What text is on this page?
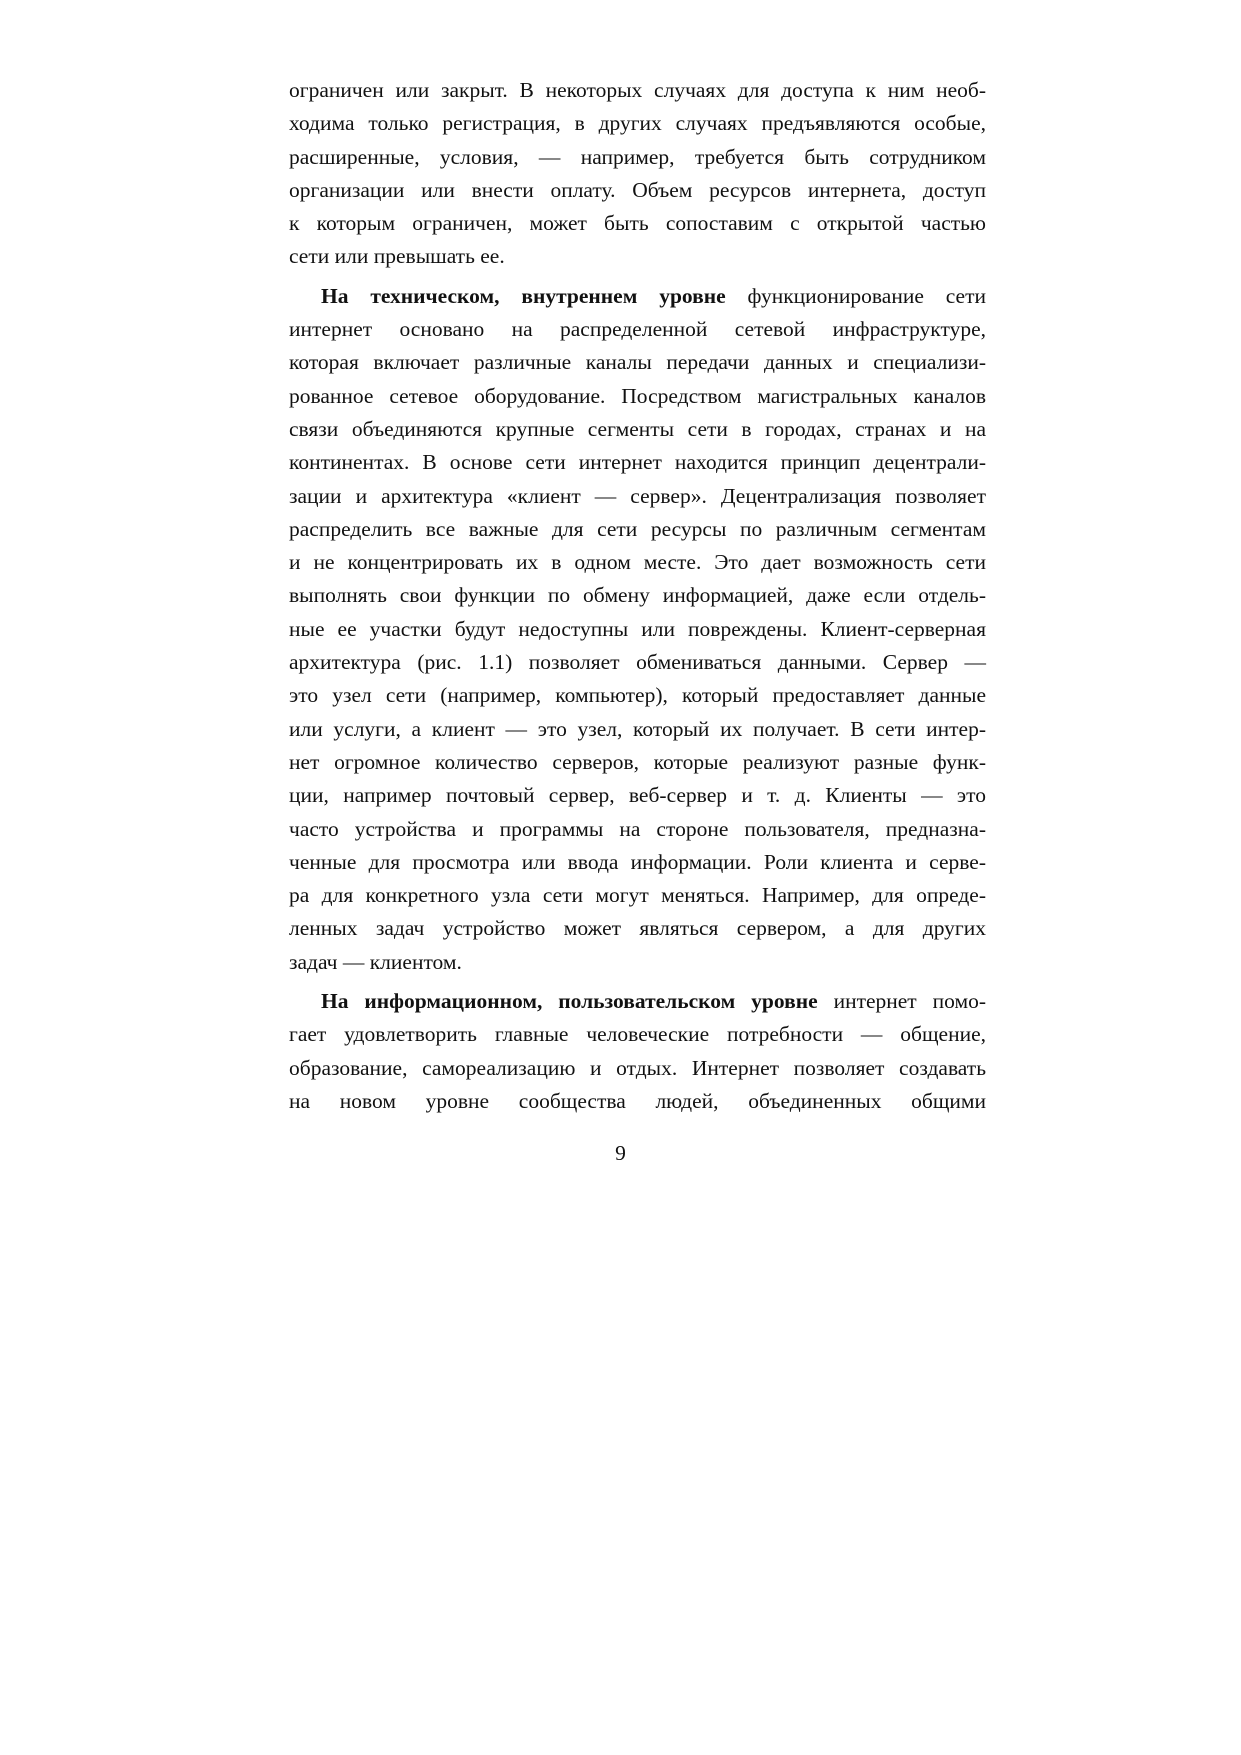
ограничен или закрыт. В некоторых случаях для доступа к ним необ-
ходима только регистрация, в других случаях предъявляются особые,
расширенные, условия, — например, требуется быть сотрудником
организации или внести оплату. Объем ресурсов интернета, доступ
к которым ограничен, может быть сопоставим с открытой частью
сети или превышать ее.
На техническом, внутреннем уровне функционирование сети
интернет основано на распределенной сетевой инфраструктуре,
которая включает различные каналы передачи данных и специализи-
рованное сетевое оборудование. Посредством магистральных каналов
связи объединяются крупные сегменты сети в городах, странах и на
континентах. В основе сети интернет находится принцип децентрали-
зации и архитектура «клиент — сервер». Децентрализация позволяет
распределить все важные для сети ресурсы по различным сегментам
и не концентрировать их в одном месте. Это дает возможность сети
выполнять свои функции по обмену информацией, даже если отдель-
ные ее участки будут недоступны или повреждены. Клиент-серверная
архитектура (рис. 1.1) позволяет обмениваться данными. Сервер —
это узел сети (например, компьютер), который предоставляет данные
или услуги, а клиент — это узел, который их получает. В сети интер-
нет огромное количество серверов, которые реализуют разные функ-
ции, например почтовый сервер, веб-сервер и т. д. Клиенты — это
часто устройства и программы на стороне пользователя, предназна-
ченные для просмотра или ввода информации. Роли клиента и серве-
ра для конкретного узла сети могут меняться. Например, для опреде-
ленных задач устройство может являться сервером, а для других
задач — клиентом.
На информационном, пользовательском уровне интернет помо-
гает удовлетворить главные человеческие потребности — общение,
образование, самореализацию и отдых. Интернет позволяет создавать
на новом уровне сообщества людей, объединенных общими
9
